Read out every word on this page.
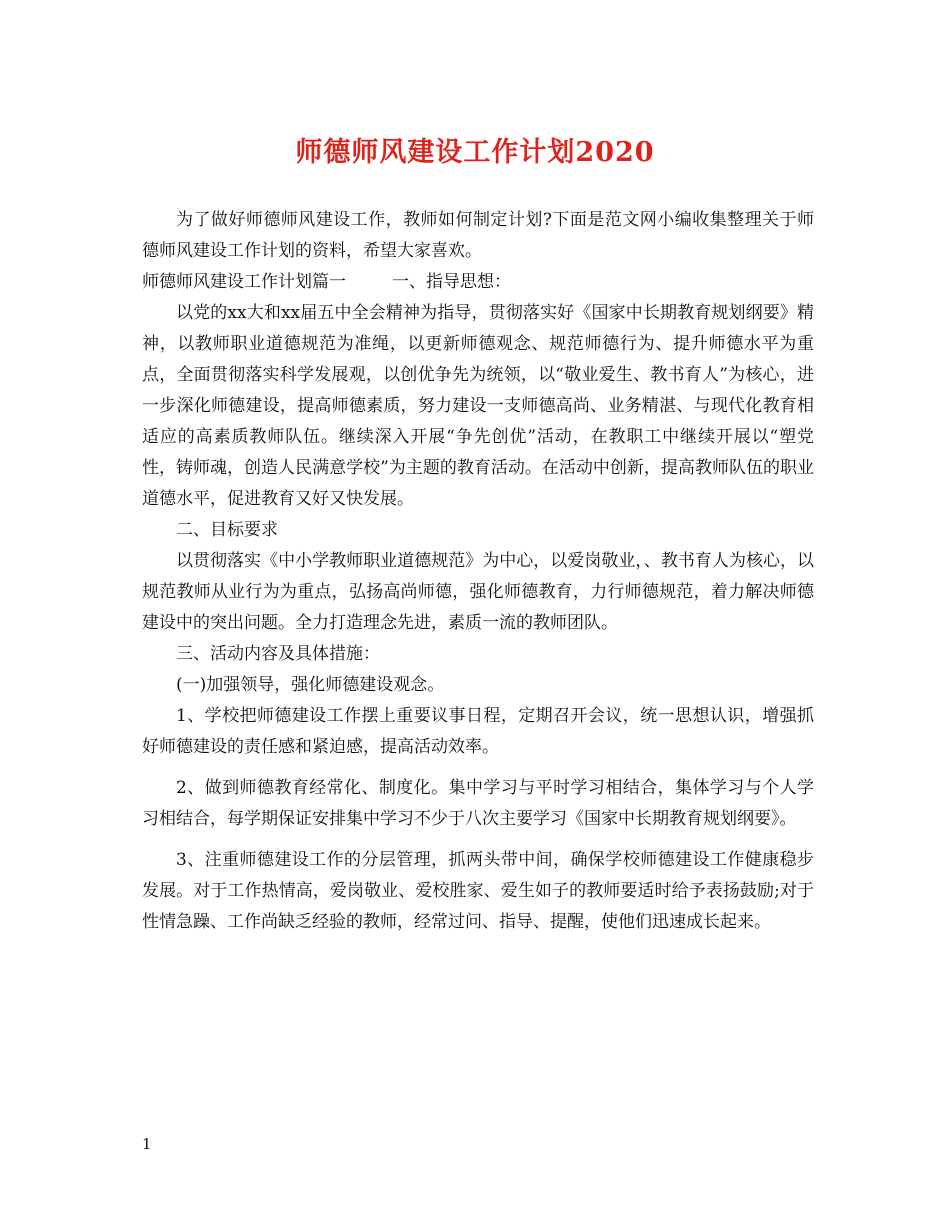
师德师风建设工作计划2020

为了做好师德师风建设工作，教师如何制定计划?下面是范文网小编收集整理关于师德师风建设工作计划的资料，希望大家喜欢。

师德师风建设工作计划篇一	一、指导思想：

以党的xx大和xx届五中全会精神为指导，贯彻落实好《国家中长期教育规划纲要》精神，以教师职业道德规范为准绳，以更新师德观念、规范师德行为、提升师德水平为重点，全面贯彻落实科学发展观，以创优争先为统领，以“敬业爱生、教书育人”为核心，进一步深化师德建设，提高师德素质，努力建设一支师德高尚、业务精湛、与现代化教育相适应的高素质教师队伍。继续深入开展“争先创优”活动，在教职工中继续开展以“塑党性，铸师魂，创造人民满意学校”为主题的教育活动。在活动中创新，提高教师队伍的职业道德水平，促进教育又好又快发展。

二、目标要求

以贯彻落实《中小学教师职业道德规范》为中心，以爱岗敬业，、教书育人为核心，以规范教师从业行为为重点，弘扬高尚师德，强化师德教育，力行师德规范，着力解决师德建设中的突出问题。全力打造理念先进，素质一流的教师团队。

三、活动内容及具体措施：

(一)加强领导，强化师德建设观念。

1、学校把师德建设工作摆上重要议事日程，定期召开会议，统一思想认识，增强抓好师德建设的责任感和紧迫感，提高活动效率。

2、做到师德教育经常化、制度化。集中学习与平时学习相结合，集体学习与个人学习相结合，每学期保证安排集中学习不少于八次主要学习《国家中长期教育规划纲要》。

3、注重师德建设工作的分层管理，抓两头带中间，确保学校师德建设工作健康稳步发展。对于工作热情高，爱岗敬业、爱校胜家、爱生如子的教师要适时给予表扬鼓励;对于性情急躁、工作尚缺乏经验的教师，经常过问、指导、提醒，使他们迅速成长起来。

1
